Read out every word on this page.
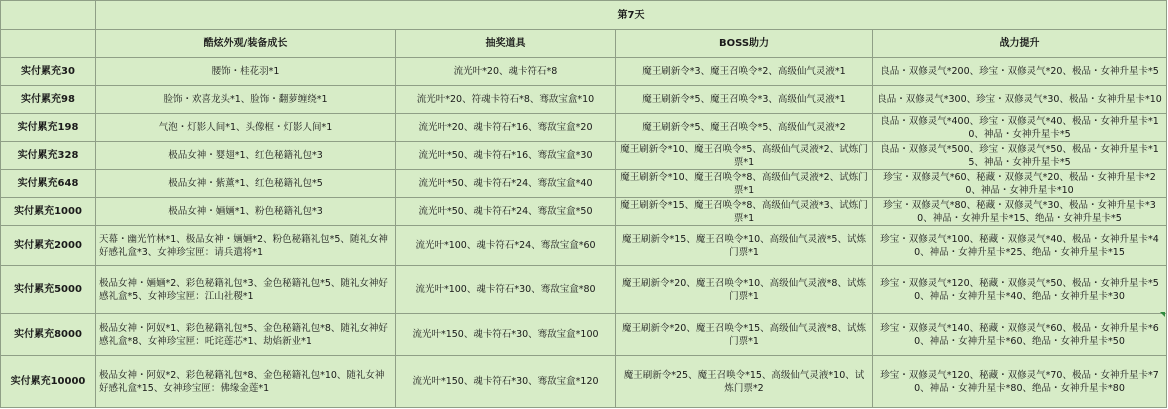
	第7天			
	酷炫外观/装备成长	抽奖道具	BOSS助力	战力提升
实付累充30	腰饰・桂花羽*1	流光叶*20、魂卡符石*8	魔王刷新令*3、魔王召唤令*2、高级仙气灵液*1	良品・双修灵气*200、珍宝・双修灵气*20、极品・女神升星卡*5
实付累充98	脸饰・欢喜龙头*1、脸饰・翻萝缠绕*1	流光叶*20、符魂卡符石*8、骞敌宝盒*10	魔王刷新令*5、魔王召唤令*3、高级仙气灵液*1	良品・双修灵气*300、珍宝・双修灵气*30、极品・女神升星卡*10
实付累充198	气泡・灯影人间*1、头像框・灯影人间*1	流光叶*20、魂卡符石*16、骞敌宝盒*20	魔王刷新令*5、魔王召唤令*5、高级仙气灵液*2	良品・双修灵气*400、珍宝・双修灵气*40、极品・女神升星卡*10、神品・女神升星卡*5
实付累充328	极品女神・婴翅*1、红色秘籍礼包*3	流光叶*50、魂卡符石*16、骞敌宝盒*30	魔王刷新令*10、魔王召唤令*5、高级仙气灵液*2、试炼门票*1	良品・双修灵气*500、珍宝・双修灵气*50、极品・女神升星卡*15、神品・女神升星卡*5
实付累充648	极品女神・紫薰*1、红色秘籍礼包*5	流光叶*50、魂卡符石*24、骞敌宝盒*40	魔王刷新令*10、魔王召唤令*8、高级仙气灵液*2、试炼门票*1	珍宝・双修灵气*60、秘藏・双修灵气*20、极品・女神升星卡*20、神品・女神升星卡*10
实付累充1000	极品女神・婳婳*1、粉色秘籍礼包*3	流光叶*50、魂卡符石*24、骞敌宝盒*50	魔王刷新令*15、魔王召唤令*8、高级仙气灵液*3、试炼门票*1	珍宝・双修灵气*80、秘藏・双修灵气*30、极品・女神升星卡*30、神品・女神升星卡*15、绝品・女神升星卡*5
实付累充2000	天幕・幽光竹林*1、极品女神・婳婳*2、粉色秘籍礼包*5、随礼女神好感礼盒*3、女神珍宝匣：请兵遣将*1	流光叶*100、魂卡符石*24、骞敌宝盒*60	魔王刷新令*15、魔王召唤令*10、高级仙气灵液*5、试炼门票*1	珍宝・双修灵气*100、秘藏・双修灵气*40、极品・女神升星卡*40、神品・女神升星卡*25、绝品・女神升星卡*15
实付累充5000	极品女神・婳婳*2、彩色秘籍礼包*3、金色秘籍礼包*5、随礼女神好感礼盒*5、女神珍宝匣：江山社稷*1	流光叶*100、魂卡符石*30、骞敌宝盒*80	魔王刷新令*20、魔王召唤令*10、高级仙气灵液*8、试炼门票*1	珍宝・双修灵气*120、秘藏・双修灵气*50、极品・女神升星卡*50、神品・女神升星卡*40、绝品・女神升星卡*30
实付累充8000	极品女神・阿奴*1、彩色秘籍礼包*5、金色秘籍礼包*8、随礼女神好感礼盒*8、女神珍宝匣：吒诧莲芯*1、劫焰新业*1	流光叶*150、魂卡符石*30、骞敌宝盒*100	魔王刷新令*20、魔王召唤令*15、高级仙气灵液*8、试炼门票*1	珍宝・双修灵气*140、秘藏・双修灵气*60、极品・女神升星卡*60、神品・女神升星卡*60、绝品・女神升星卡*50
实付累充10000	极品女神・阿奴*2、彩色秘籍礼包*8、金色秘籍礼包*10、随礼女神好感礼盒*15、女神珍宝匣：佛缘金莲*1	流光叶*150、魂卡符石*30、骞敌宝盒*120	魔王刷新令*25、魔王召唤令*15、高级仙气灵液*10、试炼门票*2	珍宝・双修灵气*120、秘藏・双修灵气*70、极品・女神升星卡*70、神品・女神升星卡*80、绝品・女神升星卡*80
